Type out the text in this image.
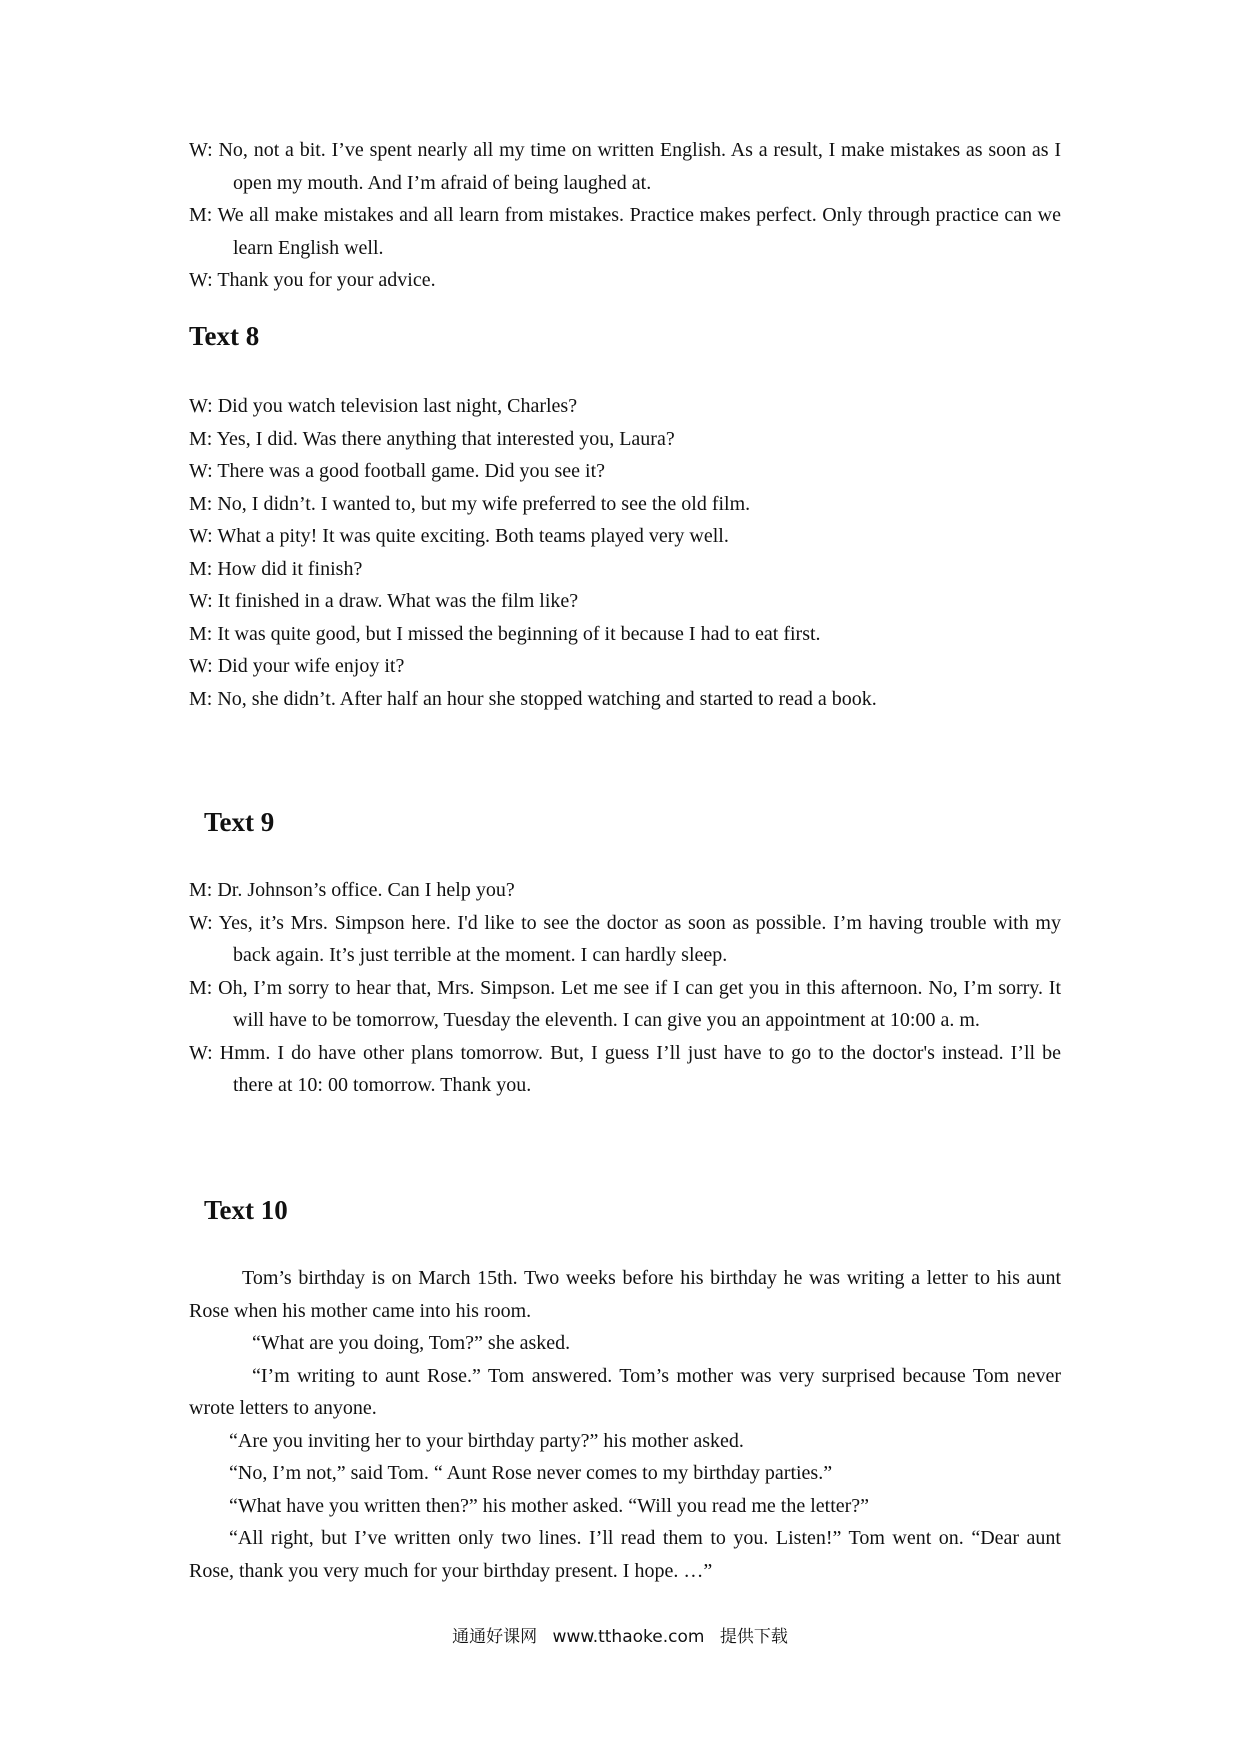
W: No, not a bit. I’ve spent nearly all my time on written English. As a result, I make mistakes as soon as I open my mouth. And I’m afraid of being laughed at.
M: We all make mistakes and all learn from mistakes. Practice makes perfect. Only through practice can we learn English well.
W: Thank you for your advice.
Text 8
W: Did you watch television last night, Charles?
M: Yes, I did. Was there anything that interested you, Laura?
W: There was a good football game. Did you see it?
M: No, I didn’t. I wanted to, but my wife preferred to see the old film.
W: What a pity! It was quite exciting. Both teams played very well.
M: How did it finish?
W: It finished in a draw. What was the film like?
M: It was quite good, but I missed the beginning of it because I had to eat first.
W: Did your wife enjoy it?
M: No, she didn’t. After half an hour she stopped watching and started to read a book.
Text 9
M: Dr. Johnson’s office. Can I help you?
W: Yes, it’s Mrs. Simpson here. I'd like to see the doctor as soon as possible. I’m having trouble with my back again. It’s just terrible at the moment. I can hardly sleep.
M: Oh, I’m sorry to hear that, Mrs. Simpson. Let me see if I can get you in this afternoon. No, I’m sorry. It will have to be tomorrow, Tuesday the eleventh. I can give you an appointment at 10:00 a. m.
W: Hmm. I do have other plans tomorrow. But, I guess I’ll just have to go to the doctor's instead. I’ll be there at 10: 00 tomorrow. Thank you.
Text 10
Tom’s birthday is on March 15th. Two weeks before his birthday he was writing a letter to his aunt Rose when his mother came into his room.
“What are you doing, Tom?” she asked.
“I’m writing to aunt Rose.” Tom answered. Tom’s mother was very surprised because Tom never wrote letters to anyone.
“Are you inviting her to your birthday party?” his mother asked.
“No, I’m not,” said Tom. “ Aunt Rose never comes to my birthday parties.”
“What have you written then?” his mother asked. “Will you read me the letter?”
“All right, but I’ve written only two lines. I’ll read them to you. Listen!” Tom went on. “Dear aunt Rose, thank you very much for your birthday present. I hope. …”
通通好课网 www.tthaoke.com 提供下载
